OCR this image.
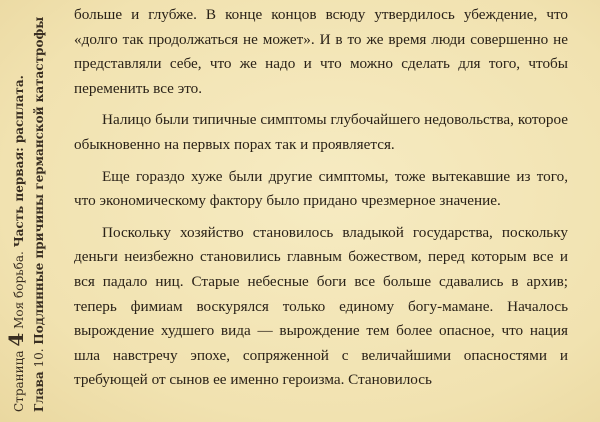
Страница 4 Моя борьба. Часть первая: расплата.
Глава 10. Подлинные причины германской катастрофы

больше и глубже. В конце концов всюду утвердилось убеждение, что «долго так продолжаться не может». И в то же время люди совершенно не представляли себе, что же надо и что можно сделать для того, чтобы переменить все это.

Налицо были типичные симптомы глубочайшего недовольства, которое обыкновенно на первых порах так и проявляется.

Еще гораздо хуже были другие симптомы, тоже вытекавшие из того, что экономическому фактору было придано чрезмерное значение.

Поскольку хозяйство становилось владыкой государства, поскольку деньги неизбежно становились главным божеством, перед которым все и вся падало ниц. Старые небесные боги все больше сдавались в архив; теперь фимиам воскурялся только единому богу-мамане. Началось вырождение худшего вида — вырождение тем более опасное, что нация шла навстречу эпохе, сопряженной с величайшими опасностями и требующей от сынов ее именно героизма. Становилось
